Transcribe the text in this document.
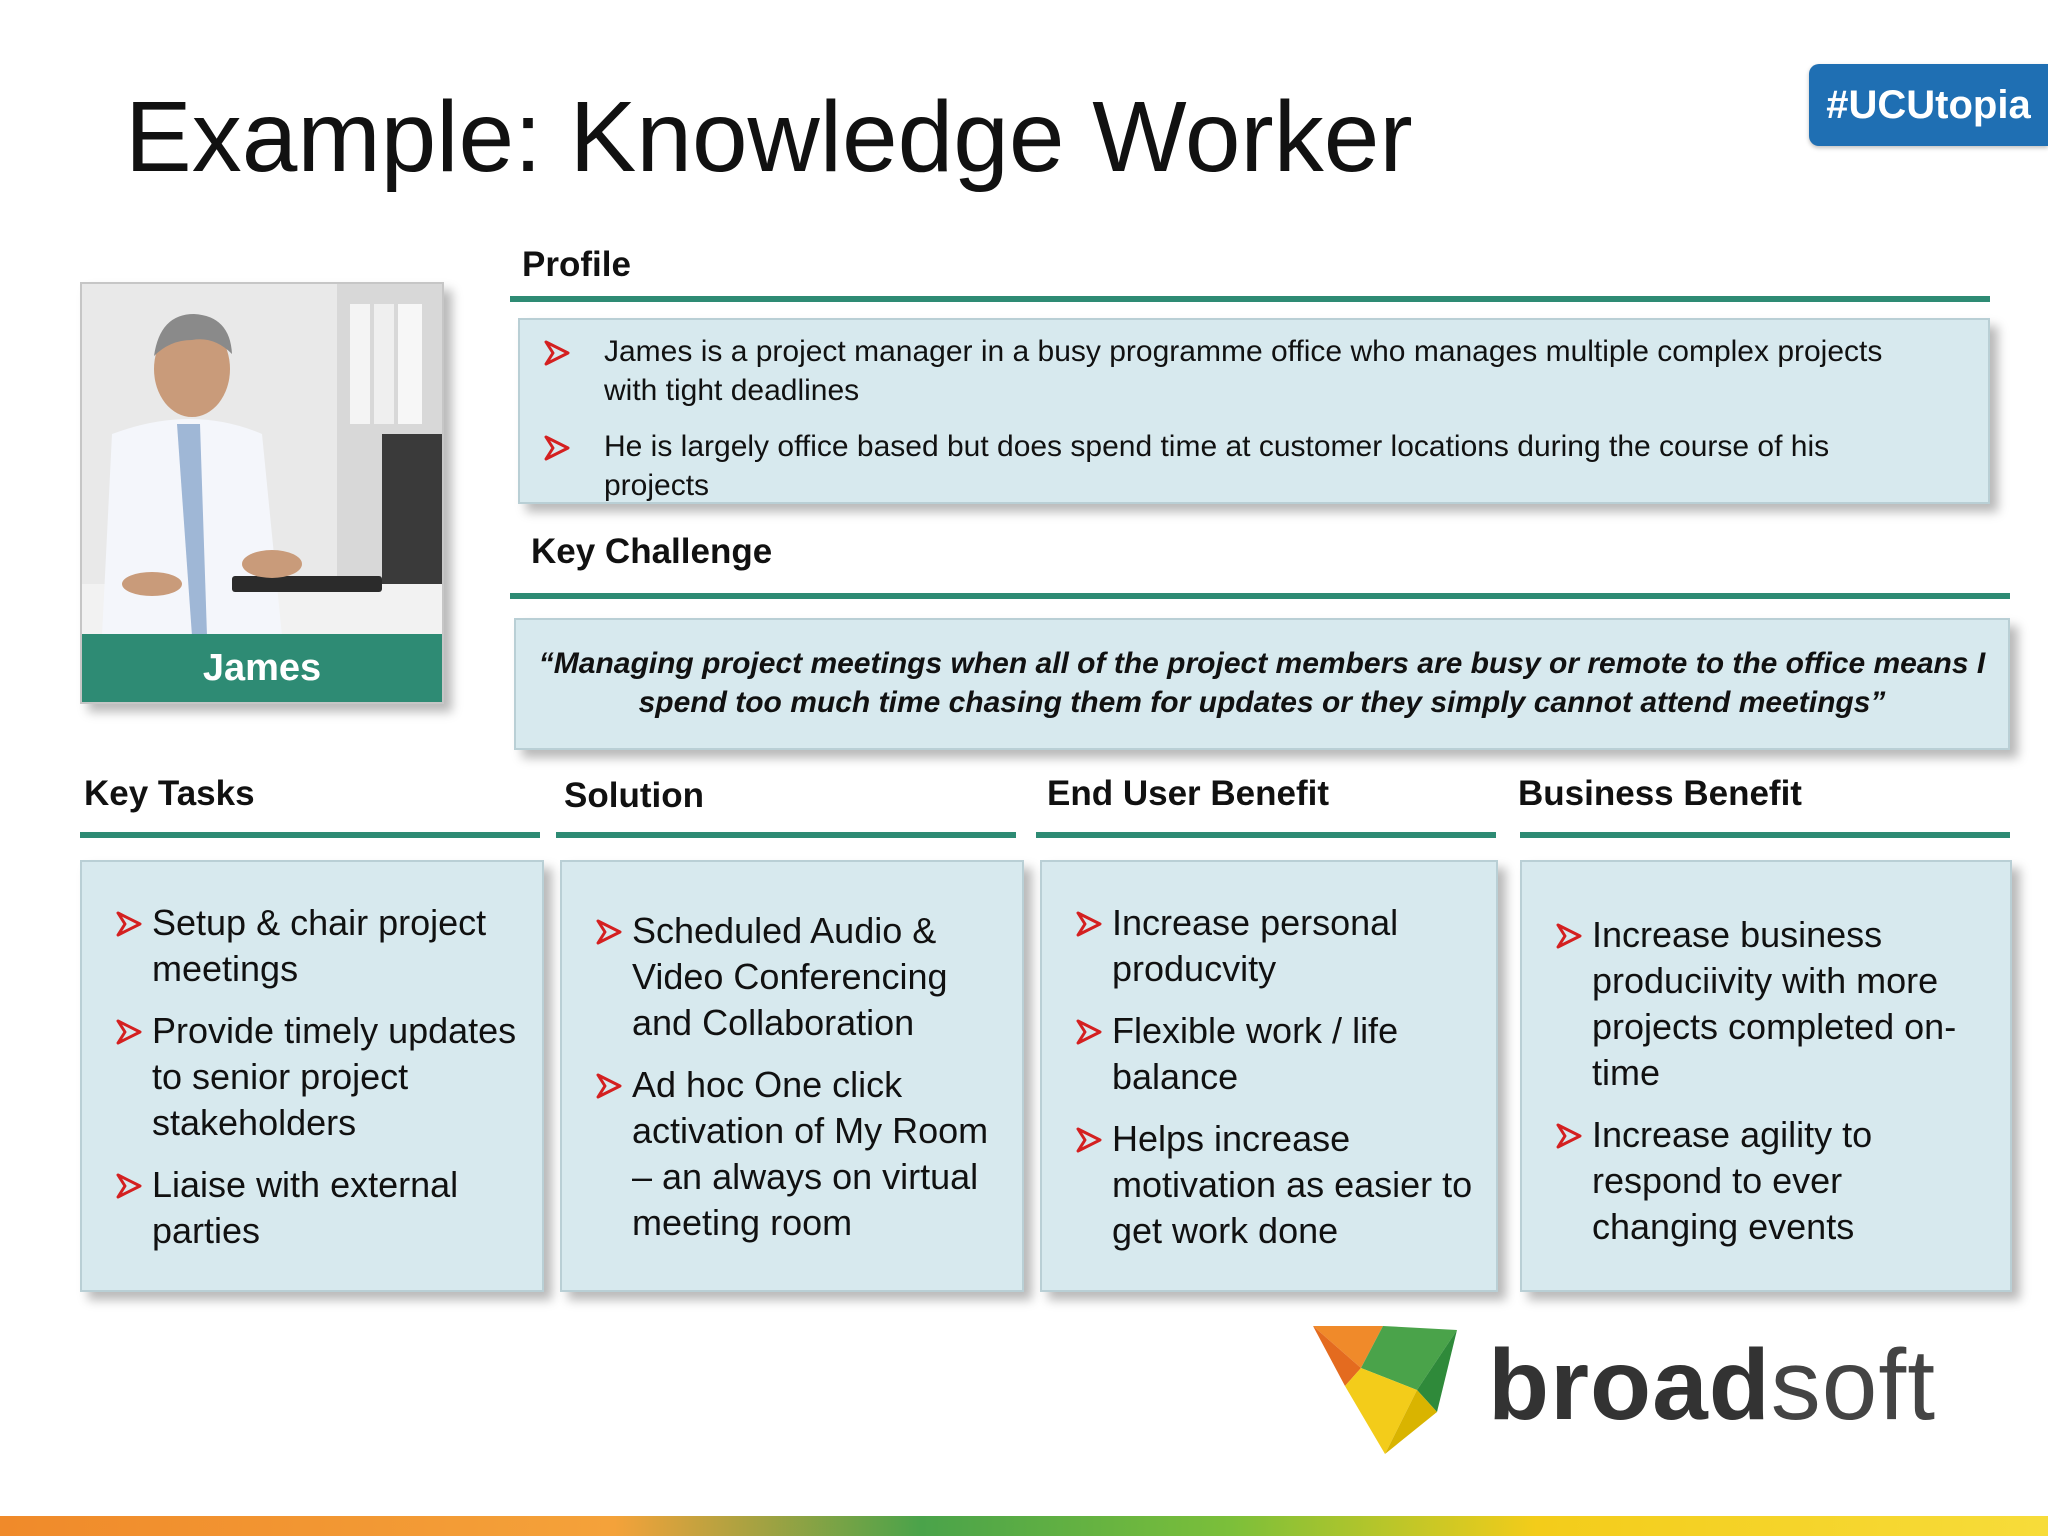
Example: Knowledge Worker	#UCUtopia
James
Profile
James is a project manager in a busy programme office who manages multiple complex projects with tight deadlines
He is largely office based but does spend time at customer locations during the course of his projects
Key Challenge
“Managing project meetings when all of the project members are busy or remote to the office means I spend too much time chasing them for updates or they simply cannot attend meetings”
Key Tasks	Solution	End User Benefit	Business Benefit
Setup & chair project meetings
Provide timely updates to senior project stakeholders
Liaise with external parties
Scheduled Audio & Video Conferencing and Collaboration
Ad hoc One click activation of My Room – an always on virtual meeting room
Increase personal producvity
Flexible work / life balance
Helps increase motivation as easier to get work done
Increase business produciivity with more projects completed on-time
Increase agility to respond to ever changing events
broadsoft
